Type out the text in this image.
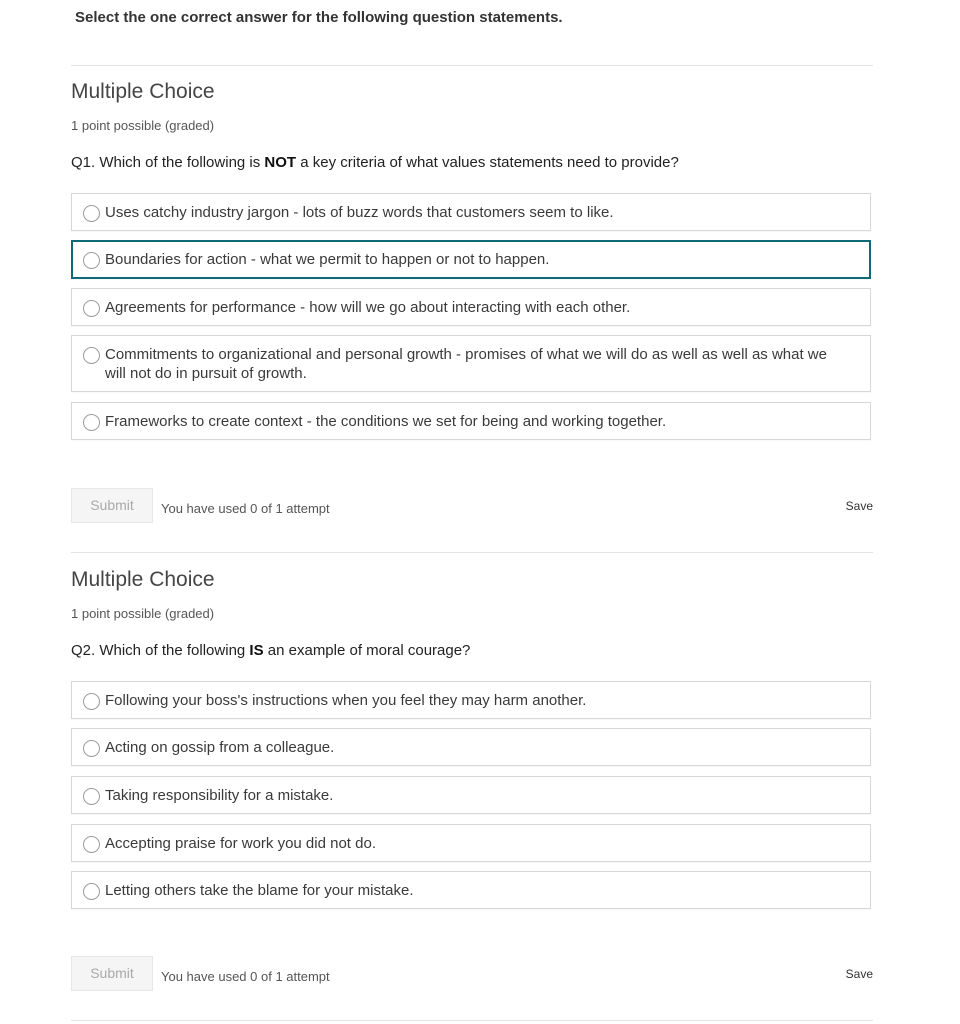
Select the one correct answer for the following question statements.
Multiple Choice
1 point possible (graded)
Q1. Which of the following is NOT a key criteria of what values statements need to provide?
Uses catchy industry jargon - lots of buzz words that customers seem to like.
Boundaries for action - what we permit to happen or not to happen.
Agreements for performance - how will we go about interacting with each other.
Commitments to organizational and personal growth - promises of what we will do as well as well as what we will not do in pursuit of growth.
Frameworks to create context - the conditions we set for being and working together.
Submit	You have used 0 of 1 attempt	Save
Multiple Choice
1 point possible (graded)
Q2. Which of the following IS an example of moral courage?
Following your boss's instructions when you feel they may harm another.
Acting on gossip from a colleague.
Taking responsibility for a mistake.
Accepting praise for work you did not do.
Letting others take the blame for your mistake.
Submit	You have used 0 of 1 attempt	Save
